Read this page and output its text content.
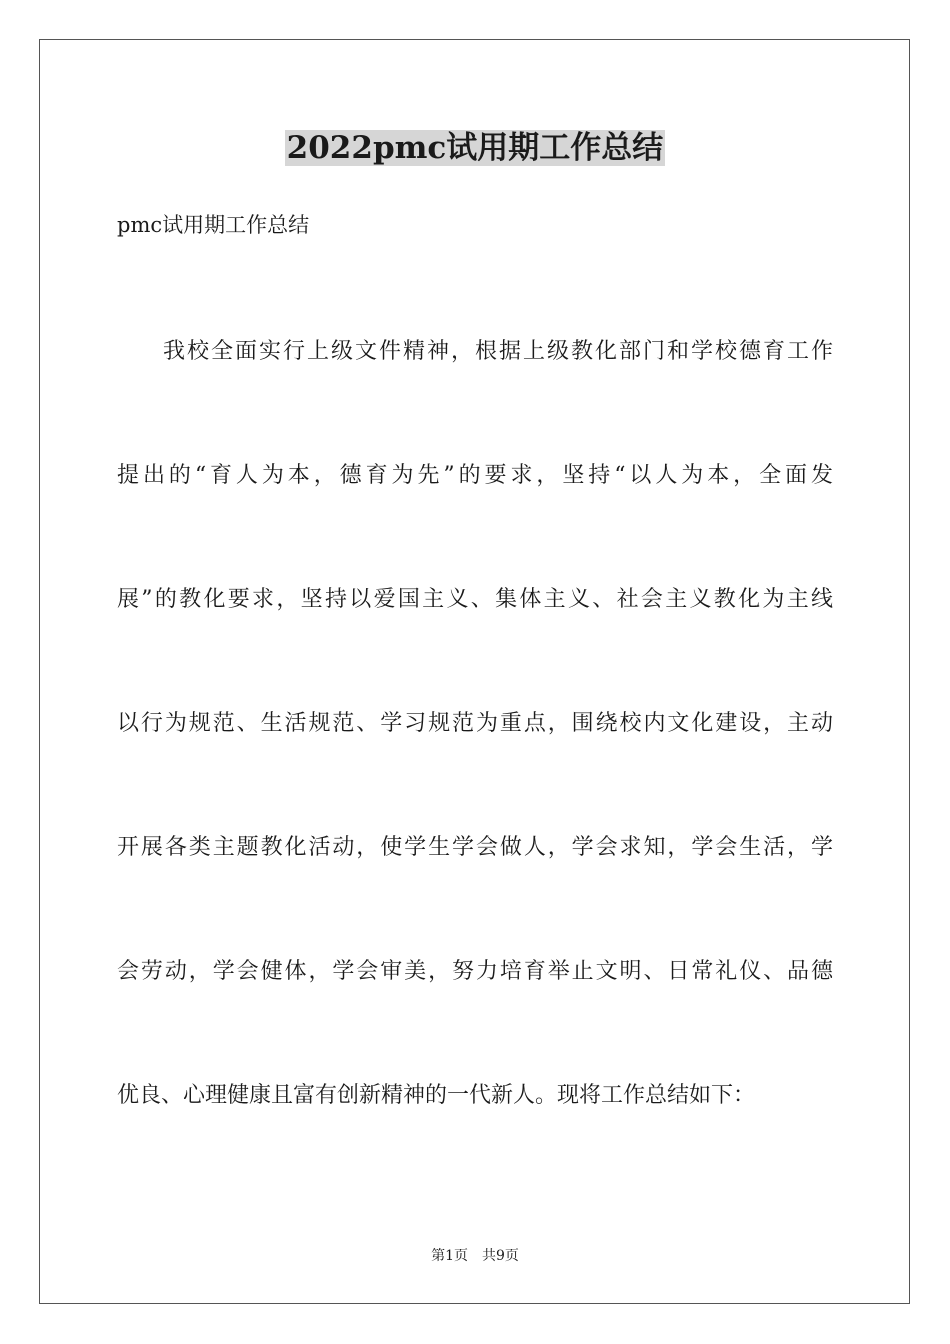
2022pmc试用期工作总结
pmc试用期工作总结
我校全面实行上级文件精神，根据上级教化部门和学校德育工作
提出的“育人为本，德育为先”的要求，坚持“以人为本，全面发
展”的教化要求，坚持以爱国主义、集体主义、社会主义教化为主线
以行为规范、生活规范、学习规范为重点，围绕校内文化建设，主动
开展各类主题教化活动，使学生学会做人，学会求知，学会生活，学
会劳动，学会健体，学会审美，努力培育举止文明、日常礼仪、品德
优良、心理健康且富有创新精神的一代新人。现将工作总结如下：
第1页 共9页
